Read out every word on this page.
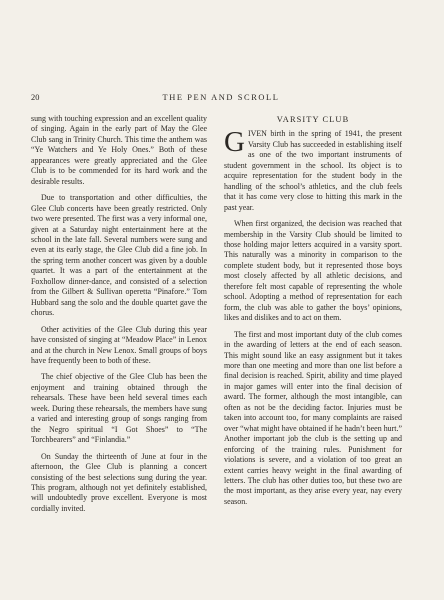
20	THE PEN AND SCROLL

sung with touching expression and an excellent quality of singing. Again in the early part of May the Glee Club sang in Trinity Church. This time the anthem was “Ye Watchers and Ye Holy Ones.” Both of these appearances were greatly appreciated and the Glee Club is to be commended for its hard work and the desirable results.

Due to transportation and other difficulties, the Glee Club concerts have been greatly restricted. Only two were presented. The first was a very informal one, given at a Saturday night entertainment here at the school in the late fall. Several numbers were sung and even at its early stage, the Glee Club did a fine job. In the spring term another concert was given by a double quartet. It was a part of the entertainment at the Foxhollow dinner-dance, and consisted of a selection from the Gilbert & Sullivan operetta “Pinafore.” Tom Hubbard sang the solo and the double quartet gave the chorus.

Other activities of the Glee Club during this year have consisted of singing at “Meadow Place” in Lenox and at the church in New Lenox. Small groups of boys have frequently been to both of these.

The chief objective of the Glee Club has been the enjoyment and training obtained through the rehearsals. These have been held several times each week. During these rehearsals, the members have sung a varied and interesting group of songs ranging from the Negro spiritual “I Got Shoes” to “The Torchbearers” and “Finlandia.”

On Sunday the thirteenth of June at four in the afternoon, the Glee Club is planning a concert consisting of the best selections sung during the year. This program, although not yet definitely established, will undoubtedly prove excellent. Everyone is most cordially invited.

VARSITY CLUB

GIVEN birth in the spring of 1941, the present Varsity Club has succeeded in establishing itself as one of the two important instruments of student government in the school. Its object is to acquire representation for the student body in the handling of the school’s athletics, and the club feels that it has come very close to hitting this mark in the past year.

When first organized, the decision was reached that membership in the Varsity Club should be limited to those holding major letters acquired in a varsity sport. This naturally was a minority in comparison to the complete student body, but it represented those boys most closely affected by all athletic decisions, and therefore felt most capable of representing the whole school. Adopting a method of representation for each form, the club was able to gather the boys’ opinions, likes and dislikes and to act on them.

The first and most important duty of the club comes in the awarding of letters at the end of each season. This might sound like an easy assignment but it takes more than one meeting and more than one list before a final decision is reached. Spirit, ability and time played in major games will enter into the final decision of award. The former, although the most intangible, can often as not be the deciding factor. Injuries must be taken into account too, for many complaints are raised over “what might have obtained if he hadn’t been hurt.” Another important job the club is the setting up and enforcing of the training rules. Punishment for violations is severe, and a violation of too great an extent carries heavy weight in the final awarding of letters. The club has other duties too, but these two are the most important, as they arise every year, nay every season.
